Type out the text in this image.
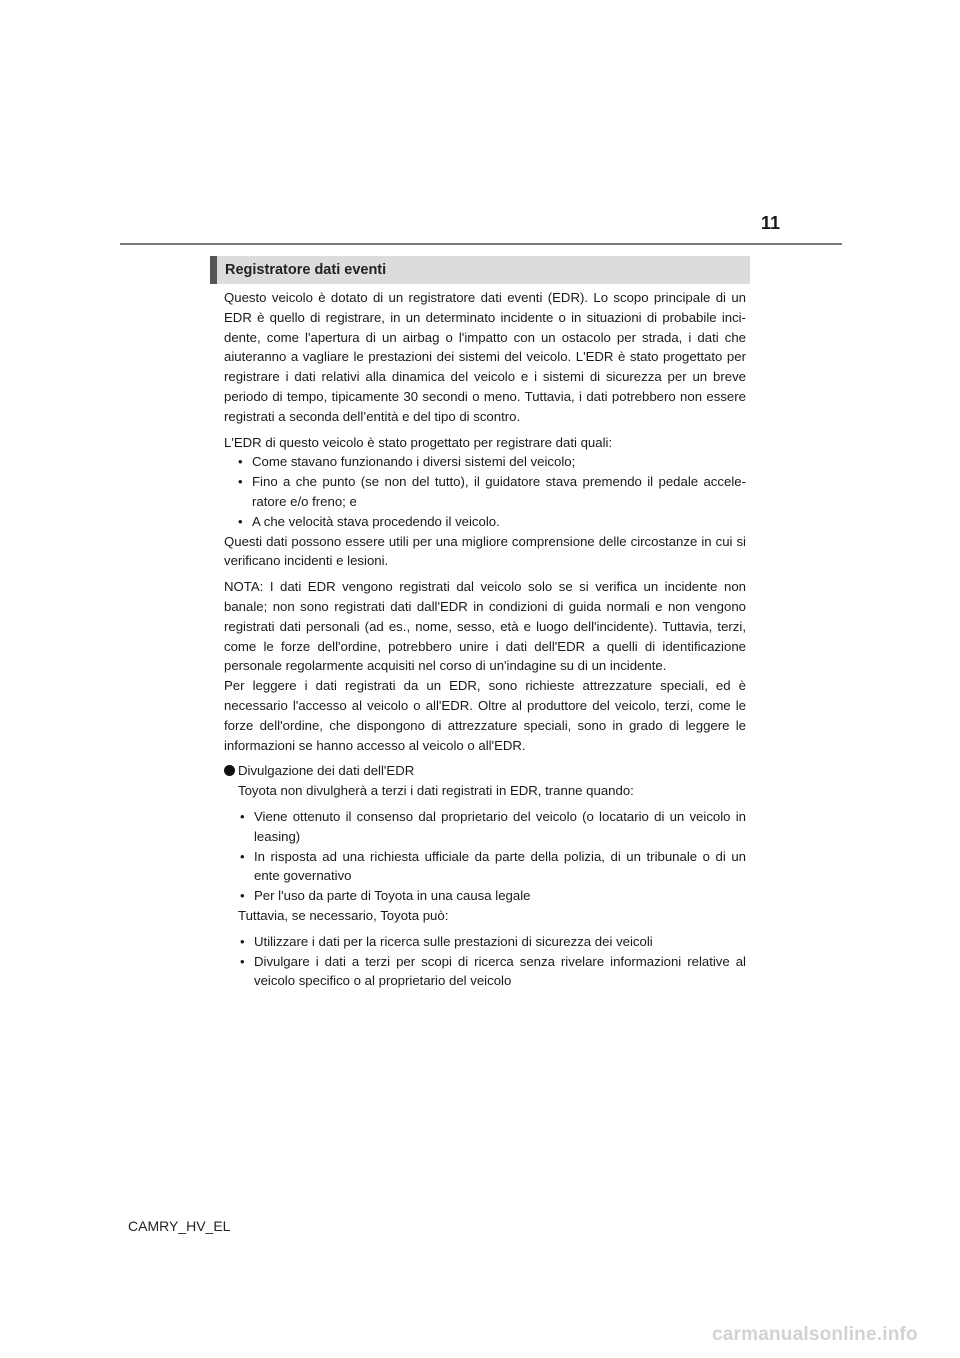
11
Registratore dati eventi

Questo veicolo è dotato di un registratore dati eventi (EDR). Lo scopo principale di un EDR è quello di registrare, in un determinato incidente o in situazioni di probabile inci-dente, come l'apertura di un airbag o l'impatto con un ostacolo per strada, i dati che aiuteranno a vagliare le prestazioni dei sistemi del veicolo. L'EDR è stato progettato per registrare i dati relativi alla dinamica del veicolo e i sistemi di sicurezza per un breve periodo di tempo, tipicamente 30 secondi o meno. Tuttavia, i dati potrebbero non essere registrati a seconda dell’entità e del tipo di scontro.

L'EDR di questo veicolo è stato progettato per registrare dati quali:

• Come stavano funzionando i diversi sistemi del veicolo;
• Fino a che punto (se non del tutto), il guidatore stava premendo il pedale accele-ratore e/o freno; e
• A che velocità stava procedendo il veicolo.

Questi dati possono essere utili per una migliore comprensione delle circostanze in cui si verificano incidenti e lesioni.

NOTA: I dati EDR vengono registrati dal veicolo solo se si verifica un incidente non banale; non sono registrati dati dall'EDR in condizioni di guida normali e non vengono registrati dati personali (ad es., nome, sesso, età e luogo dell'incidente). Tuttavia, terzi, come le forze dell'ordine, potrebbero unire i dati dell'EDR a quelli di identificazione personale regolarmente acquisiti nel corso di un'indagine su di un incidente.

Per leggere i dati registrati da un EDR, sono richieste attrezzature speciali, ed è necessario l'accesso al veicolo o all'EDR. Oltre al produttore del veicolo, terzi, come le forze dell'ordine, che dispongono di attrezzature speciali, sono in grado di leggere le informazioni se hanno accesso al veicolo o all'EDR.

Divulgazione dei dati dell'EDR

Toyota non divulgherà a terzi i dati registrati in EDR, tranne quando:

• Viene ottenuto il consenso dal proprietario del veicolo (o locatario di un veicolo in leasing)
• In risposta ad una richiesta ufficiale da parte della polizia, di un tribunale o di un ente governativo
• Per l'uso da parte di Toyota in una causa legale

Tuttavia, se necessario, Toyota può:

• Utilizzare i dati per la ricerca sulle prestazioni di sicurezza dei veicoli
• Divulgare i dati a terzi per scopi di ricerca senza rivelare informazioni relative al veicolo specifico o al proprietario del veicolo
CAMRY_HV_EL
carmanualsonline.info
